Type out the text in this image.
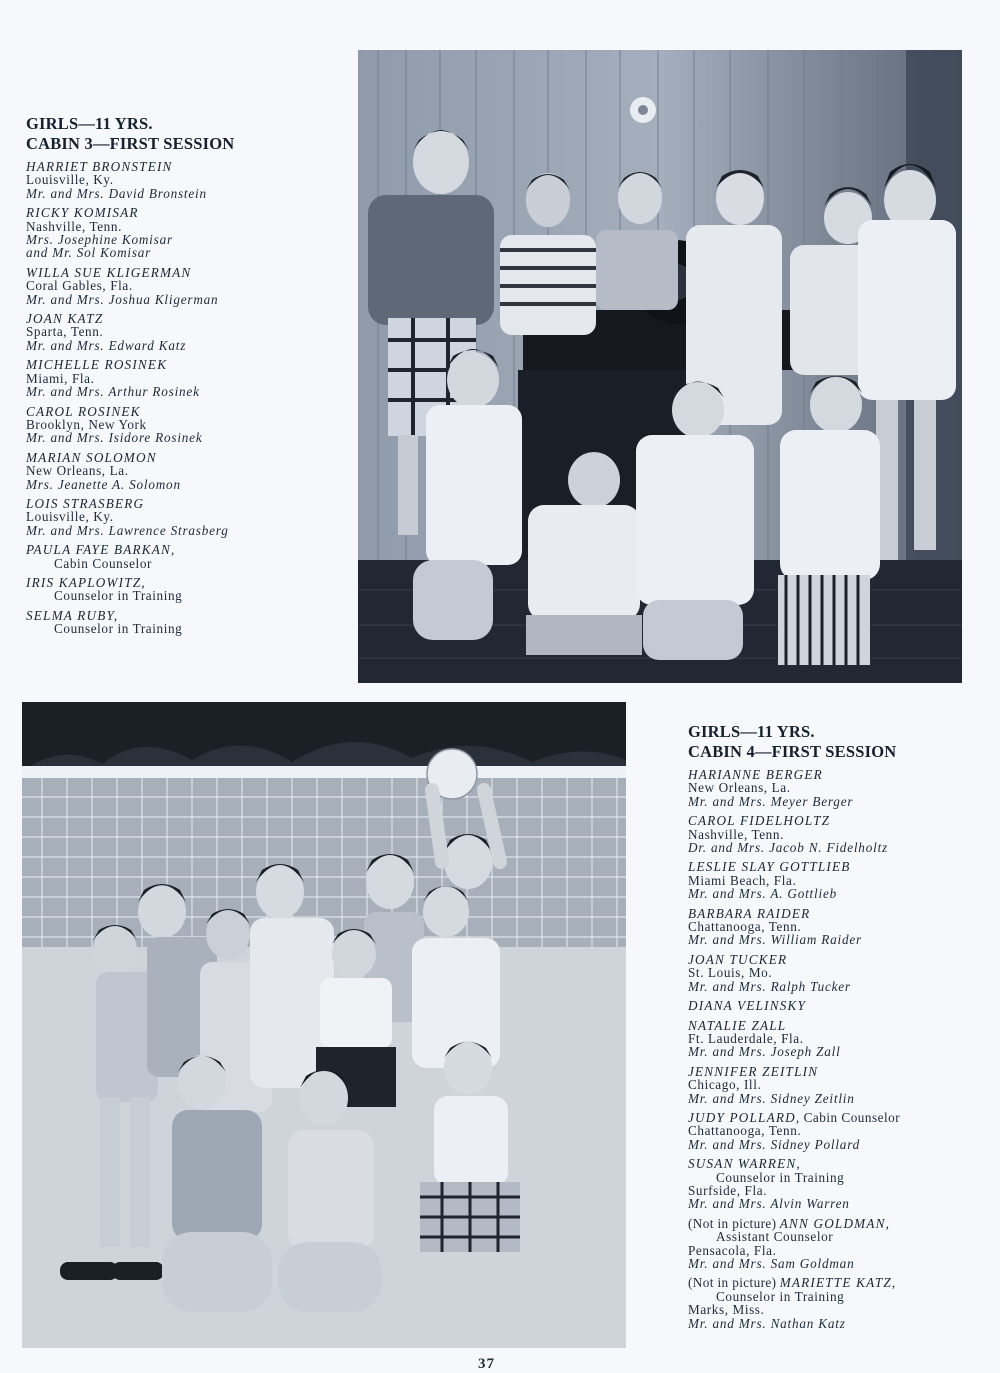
GIRLS—11 YRS.
CABIN 3—FIRST SESSION
HARRIET BRONSTEIN
Louisville, Ky.
Mr. and Mrs. David Bronstein
RICKY KOMISAR
Nashville, Tenn.
Mrs. Josephine Komisar
and Mr. Sol Komisar
WILLA SUE KLIGERMAN
Coral Gables, Fla.
Mr. and Mrs. Joshua Kligerman
JOAN KATZ
Sparta, Tenn.
Mr. and Mrs. Edward Katz
MICHELLE ROSINEK
Miami, Fla.
Mr. and Mrs. Arthur Rosinek
CAROL ROSINEK
Brooklyn, New York
Mr. and Mrs. Isidore Rosinek
MARIAN SOLOMON
New Orleans, La.
Mrs. Jeanette A. Solomon
LOIS STRASBERG
Louisville, Ky.
Mr. and Mrs. Lawrence Strasberg
PAULA FAYE BARKAN,
Cabin Counselor
IRIS KAPLOWITZ,
Counselor in Training
SELMA RUBY,
Counselor in Training
GIRLS—11 YRS.
CABIN 4—FIRST SESSION
HARIANNE BERGER
New Orleans, La.
Mr. and Mrs. Meyer Berger
CAROL FIDELHOLTZ
Nashville, Tenn.
Dr. and Mrs. Jacob N. Fidelholtz
LESLIE SLAY GOTTLIEB
Miami Beach, Fla.
Mr. and Mrs. A. Gottlieb
BARBARA RAIDER
Chattanooga, Tenn.
Mr. and Mrs. William Raider
JOAN TUCKER
St. Louis, Mo.
Mr. and Mrs. Ralph Tucker
DIANA VELINSKY
NATALIE ZALL
Ft. Lauderdale, Fla.
Mr. and Mrs. Joseph Zall
JENNIFER ZEITLIN
Chicago, Ill.
Mr. and Mrs. Sidney Zeitlin
JUDY POLLARD, Cabin Counselor
Chattanooga, Tenn.
Mr. and Mrs. Sidney Pollard
SUSAN WARREN,
Counselor in Training
Surfside, Fla.
Mr. and Mrs. Alvin Warren
(Not in picture) ANN GOLDMAN,
Assistant Counselor
Pensacola, Fla.
Mr. and Mrs. Sam Goldman
(Not in picture) MARIETTE KATZ,
Counselor in Training
Marks, Miss.
Mr. and Mrs. Nathan Katz
37
